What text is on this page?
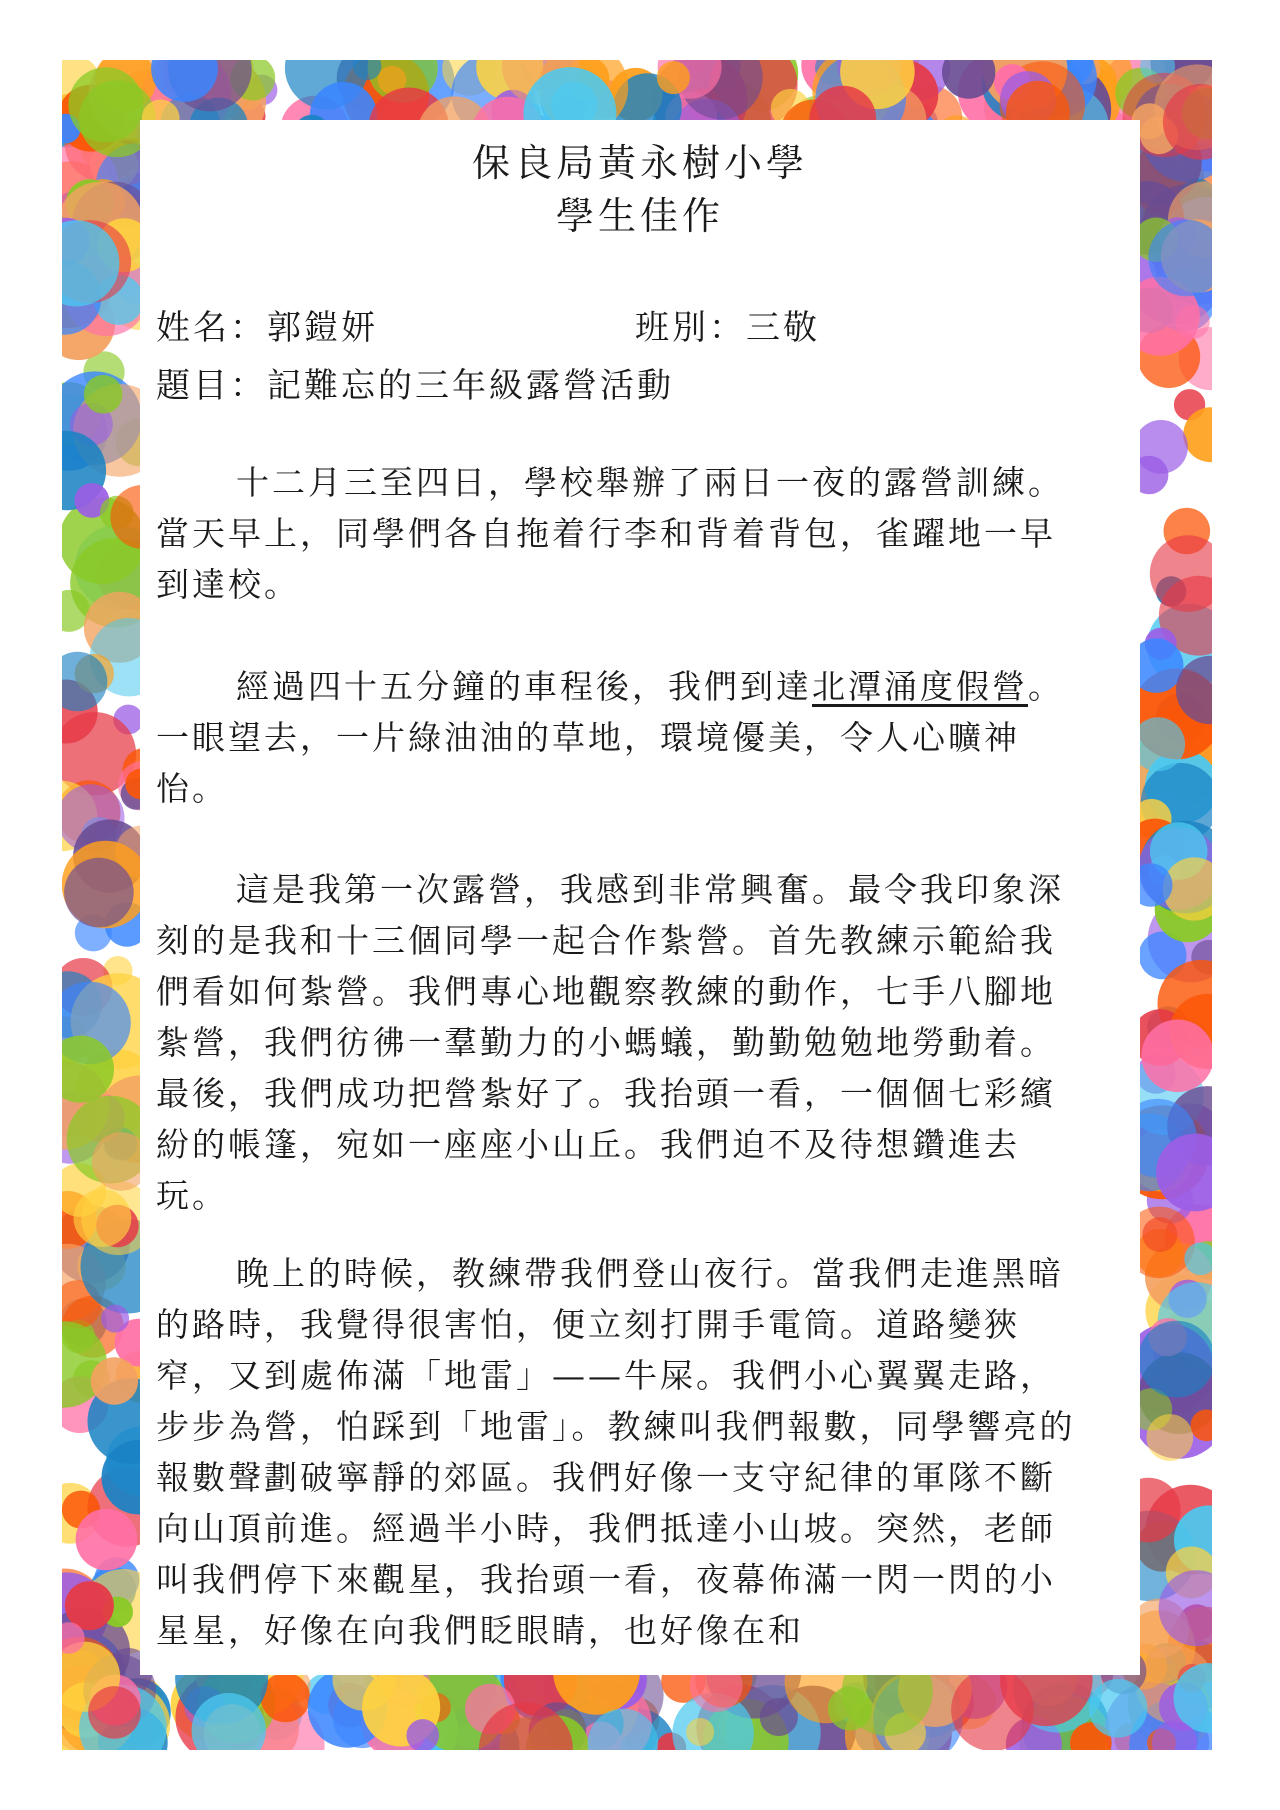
保良局黃永樹小學
學生佳作
姓名：郭鎧妍	班別：三敬
題目：記難忘的三年級露營活動

十二月三至四日，學校舉辦了兩日一夜的露營訓練。當天早上，同學們各自拖着行李和背着背包，雀躍地一早到達校。

經過四十五分鐘的車程後，我們到達北潭涌度假營。一眼望去，一片綠油油的草地，環境優美，令人心曠神怡。

這是我第一次露營，我感到非常興奮。最令我印象深刻的是我和十三個同學一起合作紮營。首先教練示範給我們看如何紮營。我們專心地觀察教練的動作，七手八腳地紮營，我們彷彿一羣勤力的小螞蟻，勤勤勉勉地勞動着。最後，我們成功把營紮好了。我抬頭一看，一個個七彩繽紛的帳篷，宛如一座座小山丘。我們迫不及待想鑽進去玩。

晚上的時候，教練帶我們登山夜行。當我們走進黑暗的路時，我覺得很害怕，便立刻打開手電筒。道路變狹窄，又到處佈滿「地雷」——牛屎。我們小心翼翼走路，步步為營，怕踩到「地雷」。教練叫我們報數，同學響亮的報數聲劃破寧靜的郊區。我們好像一支守紀律的軍隊不斷向山頂前進。經過半小時，我們抵達小山坡。突然，老師叫我們停下來觀星，我抬頭一看，夜幕佈滿一閃一閃的小星星，好像在向我們眨眼睛，也好像在和
